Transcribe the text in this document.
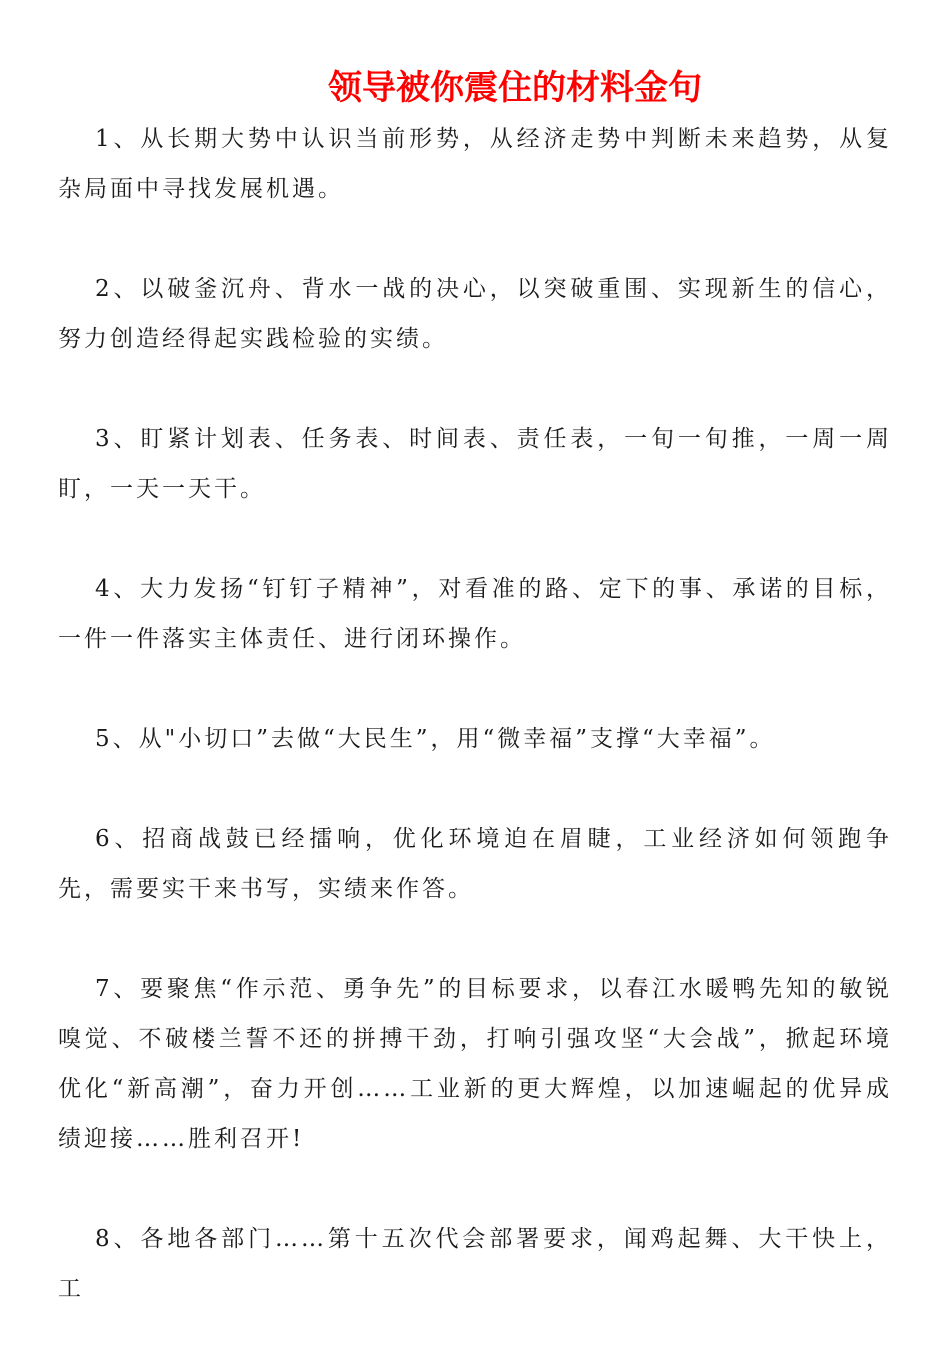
领导被你震住的材料金句

1、从长期大势中认识当前形势，从经济走势中判断未来趋势，从复杂局面中寻找发展机遇。

2、以破釜沉舟、背水一战的决心，以突破重围、实现新生的信心，努力创造经得起实践检验的实绩。

3、盯紧计划表、任务表、时间表、责任表，一旬一旬推，一周一周盯，一天一天干。

4、大力发扬“钉钉子精神”，对看准的路、定下的事、承诺的目标，一件一件落实主体责任、进行闭环操作。

5、从"小切口”去做“大民生”，用“微幸福”支撑“大幸福”。

6、招商战鼓已经擂响，优化环境迫在眉睫，工业经济如何领跑争先，需要实干来书写，实绩来作答。

7、要聚焦“作示范、勇争先”的目标要求，以春江水暖鸭先知的敏锐嗅觉、不破楼兰誓不还的拼搏干劲，打响引强攻坚“大会战”，掀起环境优化“新高潮”，奋力开创……工业新的更大辉煌，以加速崛起的优异成绩迎接……胜利召开!

8、各地各部门……第十五次代会部署要求，闻鸡起舞、大干快上，工
